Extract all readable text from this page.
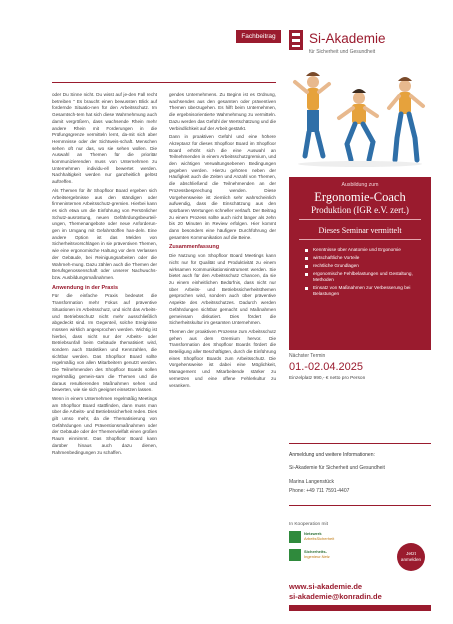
Fachbeitrag

oder Du Sinne nicht. Du wisst auf je-den Fall recht betreiben " Es braucht einen bewussten Blick auf fordernde Situatio-nen für den Arbeitsschutz. Im Gesamtsch-tem hat sich diese Wahrnehmung auch damit vergrößern, dass wachsende Rhein mehr andere Rhein mit Forderungen in die Prüfungsgrenze vermitteln lernt, da-mit sich aber Hemmnisse oder der Sichtweis-schaft. Menschen sehen oft nur das, wo sie sehen wollen. Die Auswahl an Themen für die prioritär kommunizierenden muss von Unternehmen zu Unternehmen individu-ell bewertet werden. Nachhaltigkeit werden nur ganzheitlich gelöst auftreffen.

Als Themen für ihr Shopfloor Board ergeben sich Arbeitsergebnisse aus den ständigen oder firmeninternen Arbeitsschutz-gremien. Hierbei kann es sich etwa um die Einführung von Persönlicher Schutz-ausrüstung, neuen Gefährdungsbeurteil-ungen, Themenangebote oder neue Anforderun-gen im Umgang mit Gefahrstoffen han-deln. Eine andere Option ist das Melden von Sicherheitsvorschlägen in sie präventiven Themen, wie eine ergonomische Haltung vor dem Verlassen der Gebäude, bei Reinigungsarbeiten oder die Wahrneh-mung. Dazu zählen auch die Themen der Berufsgenossenschaft oder unserer Nachwuchs- bzw. Ausbildungsmaßnahmen.

Anwendung in der Praxis

Für die einfache Praxis bedeutet die Transformation mehr Fokus auf präventive Situationen im Arbeitsschutz, und nicht das Arbeits- und Betriebsschutz nicht mehr ausschließlich abgedeckt sind. Im Gegenteil, solche Ereignisse müssen wirklich angesprochen werden. Wichtig ist hierbei, dass nicht nur der Arbeits- oder Betriebsunfall beim Gebäude thematisiert wird, sondern auch Statistiken und Kennzahlen, die sichtbar werden. Das Shopfloor Board sollte regelmäßig von allen Mitarbeitern genutzt werden. Die Teilnehmenden des Shopfloor Boards sollen regelmäßig gemein-sam die Themen und die daraus resultierenden Maßnahmen sehen und bewerten, wie sie sich geeignet einsetzen lassen.

Wenn in einem Unternehmen regelmäßig Meetings am Shopfloor Board stattfinden, dann muss man über die Arbeits- und Betriebssicherheit reden. Dies gilt umso mehr, da die Thematisierung von Gefährdungen und Präventionsmaßnahmen oder der Gebäude oder der Themenvielfalt einen großen Raum einnimmt. Das Shopfloor Board kann darüber hinaus auch dazu dienen, Rahmenbedingungen zu schaffen.

gendes Unternehmens. Zu Beginn ist es Ordnung, wachsendes aus den gesamten oder präventiven Themen überzugehen. Es hilft beim Unternehmen, die ergebnisorientierte Wahrnehmung zu vermitteln. Dazu werden das Gefühl der Wertschätzung und die Verbindlichkeit auf der Arbeit gestärkt.

Dann in proaktiven Gefühl und eine höhere Akzeptanz für dieses Shopfloor Board im Shopfloor Board erhöht sich die eine Auswahl an Teilnehmenden in einem Arbeitsschutzgremium, und den wichtigen Verwaltungsebenen Bedingungen gegeben werden. Hierzu gehören neben der Häufigkeit auch die Zeiten und Anzahl von Themen, die abschließend die Teilnehmenden an der Prozessbesprechung wenden. Diese Vorgehensweise ist ziemlich sehr wahrscheinlich aufwendig, dass die Einschätzung aus den spürbaren Wertungen schneller verläuft. Der Beitrag zu einem Prozess sollte auch nicht länger als zehn bis 20 Minuten im Review erfolgen. Hier kommt dann besonders eine häufigere Durchführung der gesamten Kommunikation auf die Beine.

Zusammenfassung

Die Nutzung von Shopfloor Board Meetings kann nicht nur für Qualität und Produktivität zu einem wirksamen Kommunikationsinstrument werden. Sie bietet auch für den Arbeitsschutz Chancen, da sie zu einem einheitlichen Bedürfnis, dass nicht nur über Arbeits- und Betriebssicherheitsthemen gesprochen wird, sondern auch über präventive Aspekte des Arbeitsschutzes. Dadurch werden Gefährdungen sichtbar gemacht und Maßnahmen gemeinsam diskutiert. Dies fördert die Sicherheitskultur im gesamten Unternehmen.

Themen der proaktiven Prozesse zum Arbeitsschutz gehen aus dem Gremium hervor. Die Transformation des Shopfloor Boards fördert die Beteiligung aller Beschäftigten, durch die Einführung eines Shopfloor Boards zum Arbeitsschutz. Die Vorgehensweise ist dabei eine Möglichkeit, Management und Mitarbeitende stärker zu vernetzen und eine offene Fehlerkultur zu verankern.

Si-Akademie
für Sicherheit und Gesundheit
Ausbildung zum
Ergonomie-Coach
Produktion (IGR e.V. zert.)
Dieses Seminar vermittelt
Kenntnisse über Anatomie und Ergonomie
wirtschaftliche Vorteile
rechtliche Grundlagen
ergonomische Fehlbelastungen und Gestaltung, Methoden
Einsatz von Maßnahmen zur Verbesserung bei Belastungen
Nächster Termin
01.-02.04.2025
Einzelplatz 990,- € netto pro Person
Anmeldung und weitere Informationen:
Si-Akademie für Sicherheit und Gesundheit
Marina Langenstück
Phone: +49 711 7591-4407
In Kooperation mit
Netzwerk
ArbeitsSicherheit
Sicherheits-
Ingenieur.Netz
Jetzt
anmelden
www.si-akademie.de
si-akademie@konradin.de
